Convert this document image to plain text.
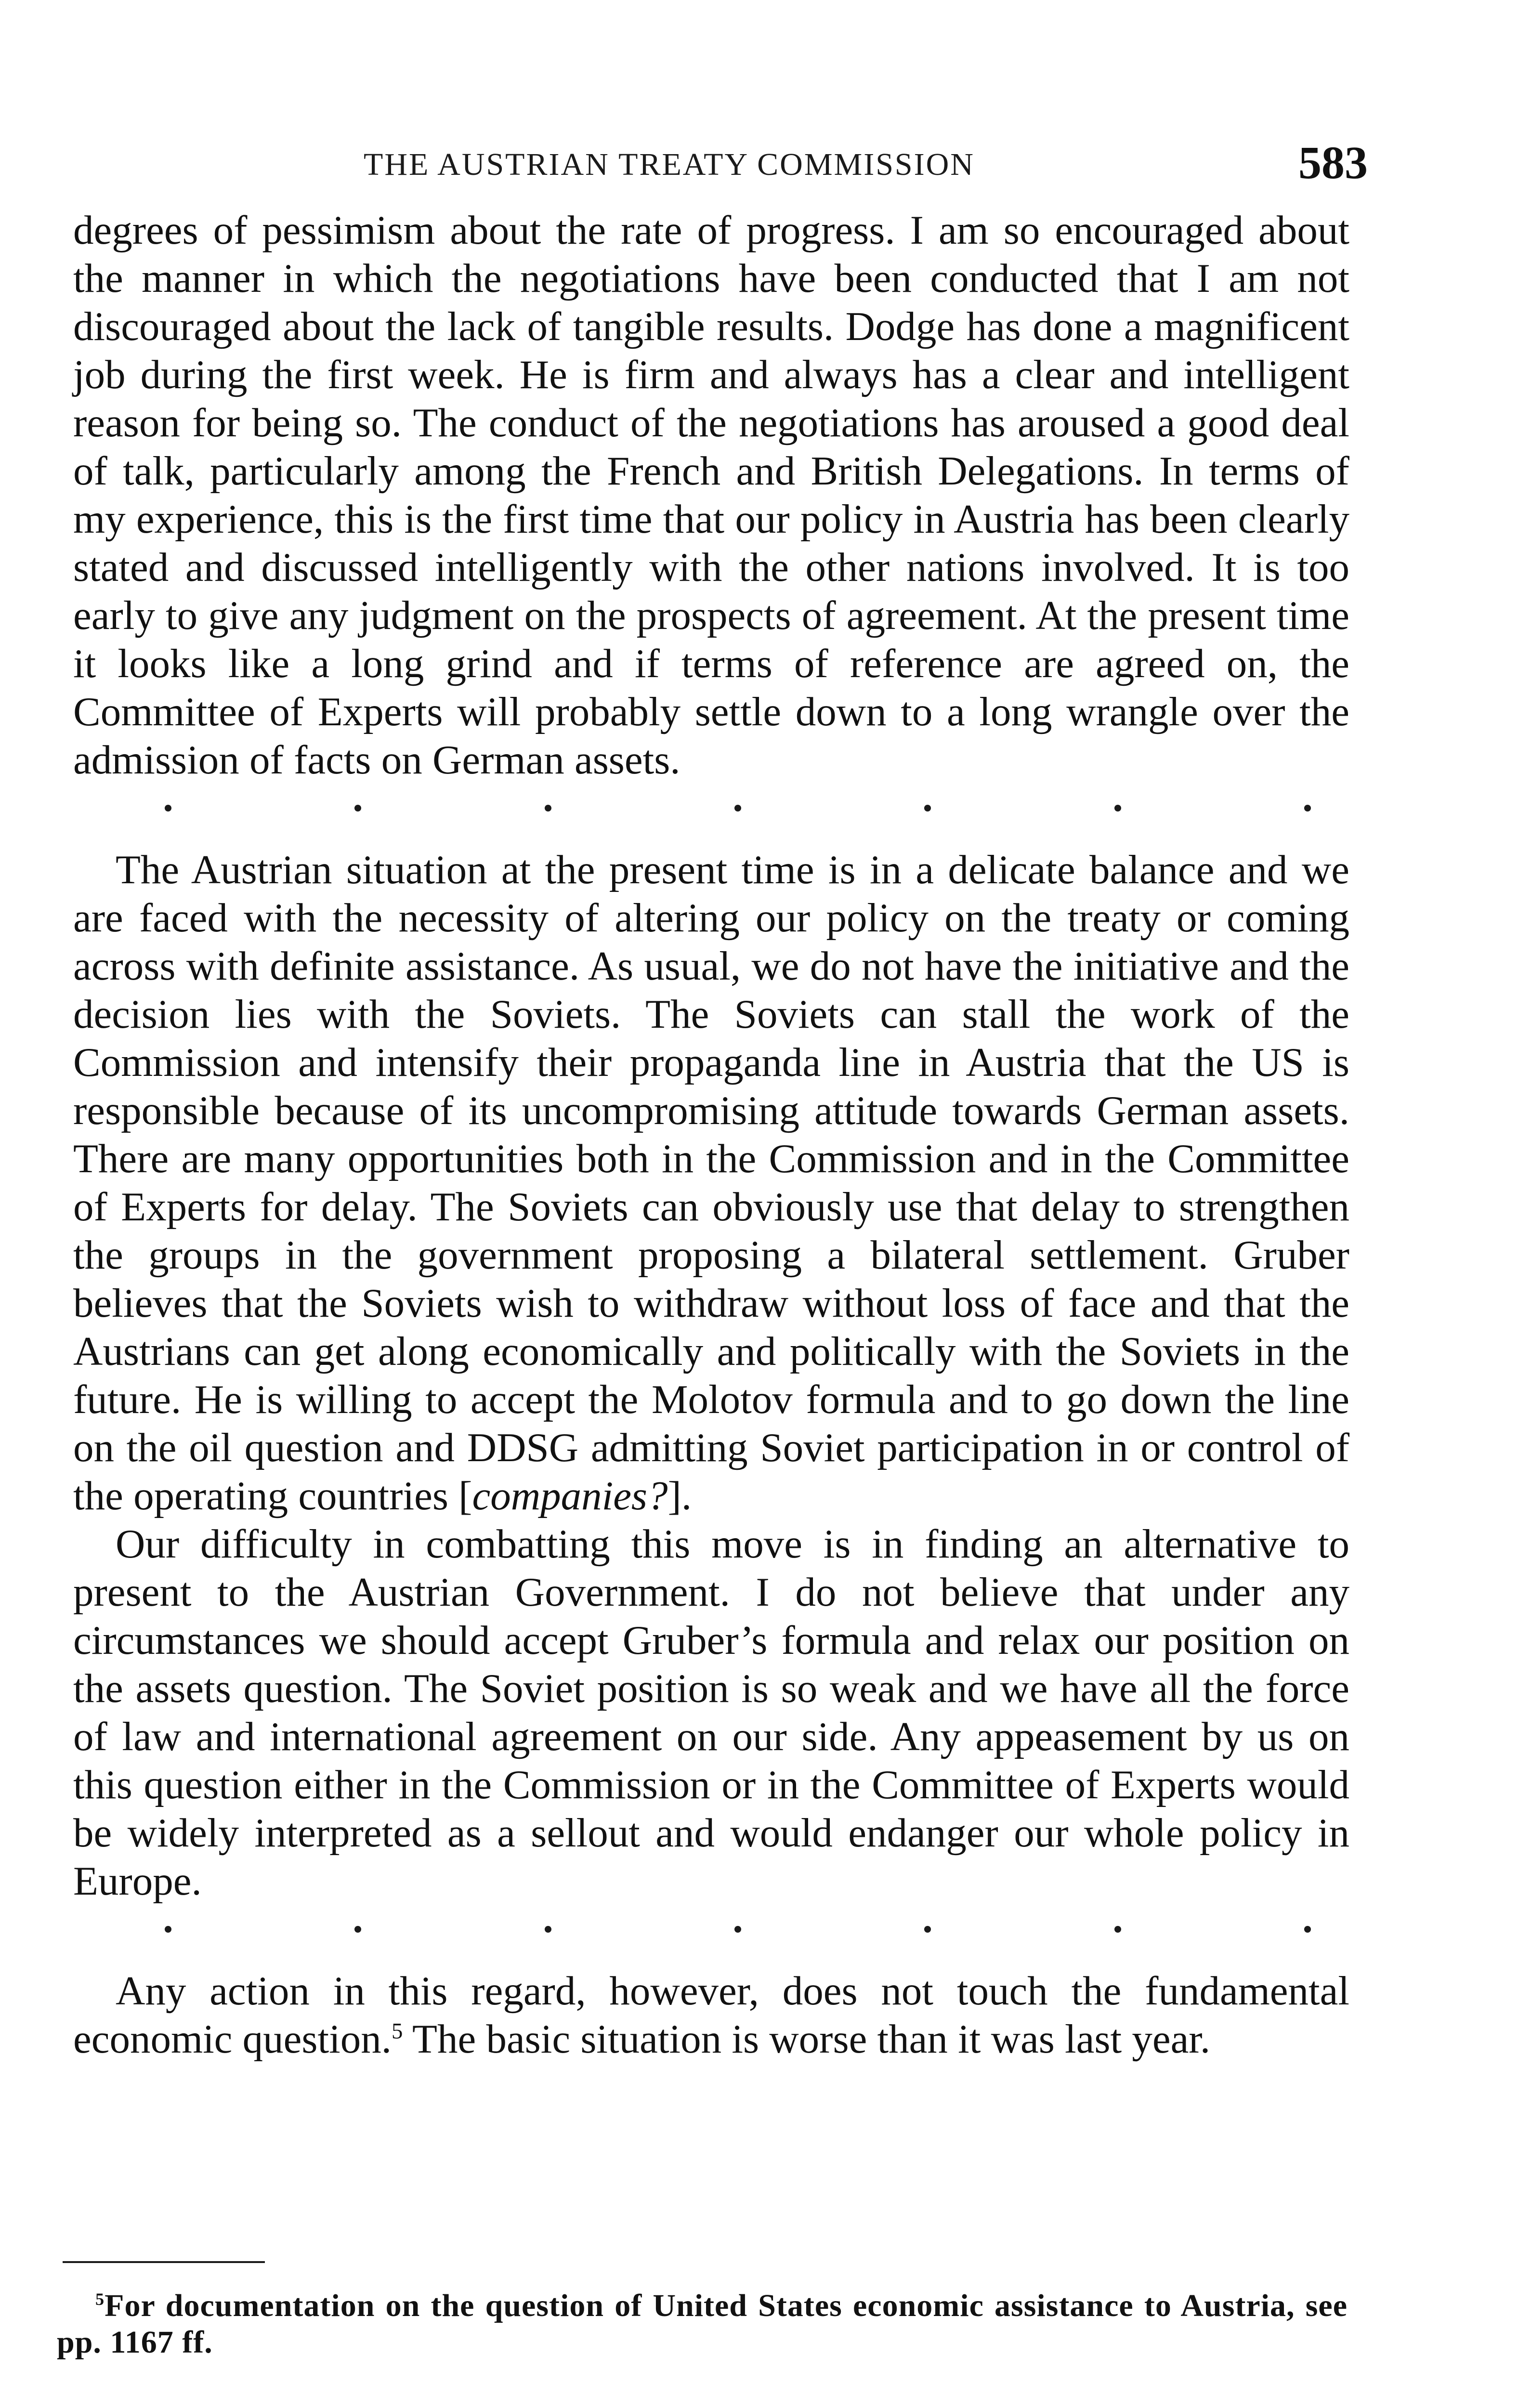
THE AUSTRIAN TREATY COMMISSION	583

degrees of pessimism about the rate of progress. I am so encouraged about the manner in which the negotiations have been conducted that I am not discouraged about the lack of tangible results. Dodge has done a magnificent job during the first week. He is firm and always has a clear and intelligent reason for being so. The conduct of the negotiations has aroused a good deal of talk, particularly among the French and British Delegations. In terms of my experience, this is the first time that our policy in Austria has been clearly stated and discussed intelligently with the other nations involved. It is too early to give any judgment on the prospects of agreement. At the present time it looks like a long grind and if terms of reference are agreed on, the Committee of Experts will probably settle down to a long wrangle over the admission of facts on German assets.

The Austrian situation at the present time is in a delicate balance and we are faced with the necessity of altering our policy on the treaty or coming across with definite assistance. As usual, we do not have the initiative and the decision lies with the Soviets. The Soviets can stall the work of the Commission and intensify their propaganda line in Austria that the US is responsible because of its uncompromising attitude towards German assets. There are many opportunities both in the Commission and in the Committee of Experts for delay. The Soviets can obviously use that delay to strengthen the groups in the government proposing a bilateral settlement. Gruber believes that the Soviets wish to withdraw without loss of face and that the Austrians can get along economically and politically with the Soviets in the future. He is willing to accept the Molotov formula and to go down the line on the oil question and DDSG admitting Soviet participation in or control of the operating countries [companies?].

Our difficulty in combatting this move is in finding an alternative to present to the Austrian Government. I do not believe that under any circumstances we should accept Gruber’s formula and relax our position on the assets question. The Soviet position is so weak and we have all the force of law and international agreement on our side. Any appeasement by us on this question either in the Commission or in the Committee of Experts would be widely interpreted as a sellout and would endanger our whole policy in Europe.

Any action in this regard, however, does not touch the fundamental economic question.$^5$ The basic situation is worse than it was last year.

$^5$For documentation on the question of United States economic assistance to Austria, see pp. 1167 ff.
